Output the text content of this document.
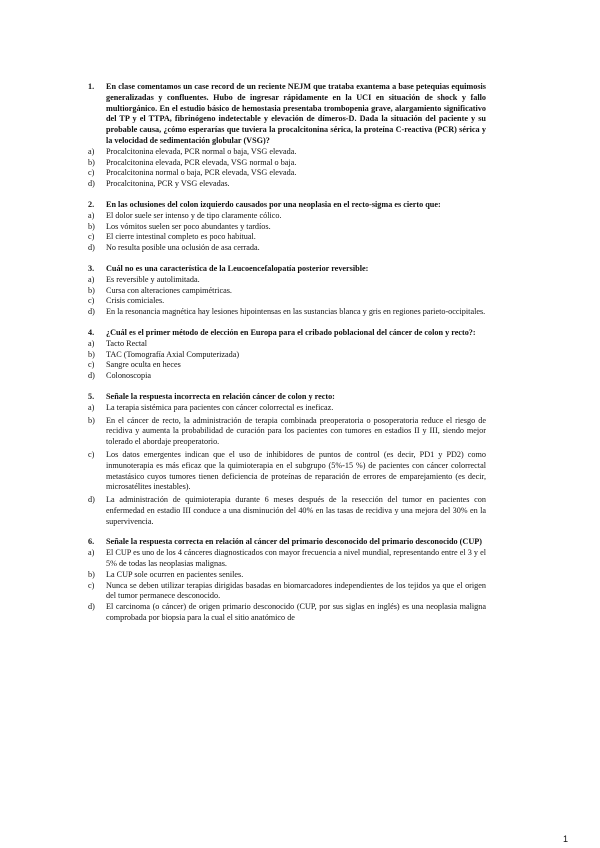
1.	En clase comentamos un case record de un reciente NEJM que trataba exantema a base petequias equimosis generalizadas y confluentes. Hubo de ingresar rápidamente en la UCI en situación de shock y fallo multiorgánico. En el estudio básico de hemostasia presentaba trombopenia grave, alargamiento significativo del TP y el TTPA, fibrinógeno indetectable y elevación de dímeros-D. Dada la situación del paciente y su probable causa, ¿cómo esperarías que tuviera la procalcitonina sérica, la proteína C-reactiva (PCR) sérica y la velocidad de sedimentación globular (VSG)?
a)	Procalcitonina elevada, PCR normal o baja, VSG elevada.
b)	Procalcitonina elevada, PCR elevada, VSG normal o baja.
c)	Procalcitonina normal o baja, PCR elevada, VSG elevada.
d)	Procalcitonina, PCR y VSG elevadas.
2.	En las oclusiones del colon izquierdo causados por una neoplasia en el recto-sigma es cierto que:
a)	El dolor suele ser intenso y de tipo claramente cólico.
b)	Los vómitos suelen ser poco abundantes y tardíos.
c)	El cierre intestinal completo es poco habitual.
d)	No resulta posible una oclusión de asa cerrada.
3.	Cuál no es una característica de la Leucoencefalopatía posterior reversible:
a)	Es reversible y autolimitada.
b)	Cursa con alteraciones campimétricas.
c)	Crisis comiciales.
d)	En la resonancia magnética hay lesiones hipointensas en las sustancias blanca y gris en regiones parieto-occipitales.
4.	¿Cuál es el primer método de elección en Europa para el cribado poblacional del cáncer de colon y recto?:
a)	Tacto Rectal
b)	TAC (Tomografía Axial Computerizada)
c)	Sangre oculta en heces
d)	Colonoscopia
5.	Señale la respuesta incorrecta en relación cáncer de colon y recto:
a)	La terapia sistémica para pacientes con cáncer colorrectal es ineficaz.
b)	En el cáncer de recto, la administración de terapia combinada preoperatoria o posoperatoria reduce el riesgo de recidiva y aumenta la probabilidad de curación para los pacientes con tumores en estadios II y III, siendo mejor tolerado el abordaje preoperatorio.
c)	Los datos emergentes indican que el uso de inhibidores de puntos de control (es decir, PD1 y PD2) como inmunoterapia es más eficaz que la quimioterapia en el subgrupo (5%-15 %) de pacientes con cáncer colorrectal metastásico cuyos tumores tienen deficiencia de proteínas de reparación de errores de emparejamiento (es decir, microsatélites inestables).
d)	La administración de quimioterapia durante 6 meses después de la resección del tumor en pacientes con enfermedad en estadio III conduce a una disminución del 40% en las tasas de recidiva y una mejora del 30% en la supervivencia.
6.	Señale la respuesta correcta en relación al cáncer del primario desconocido del primario desconocido (CUP)
a)	El CUP es uno de los 4 cánceres diagnosticados con mayor frecuencia a nivel mundial, representando entre el 3 y el 5% de todas las neoplasias malignas.
b)	La CUP sole ocurren en pacientes seniles.
c)	Nunca se deben utilizar terapias dirigidas basadas en biomarcadores independientes de los tejidos ya que el origen del tumor permanece desconocido.
d)	El carcinoma (o cáncer) de origen primario desconocido (CUP, por sus siglas en inglés) es una neoplasia maligna comprobada por biopsia para la cual el sitio anatómico de
1
